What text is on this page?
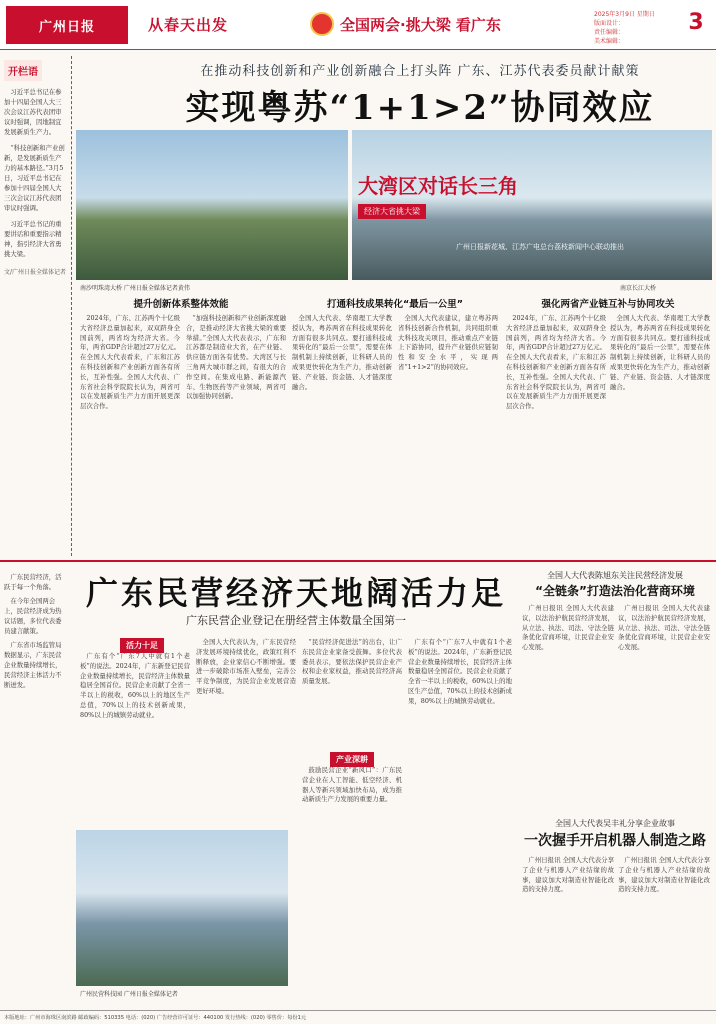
广州日报	从春天出发	全国两会·挑大梁 看广东
2025年3月9日 星期日
版面设计：
责任编辑：
美术编辑：
3
开栏语

习近平总书记在参加十四届全国人大三次会议江苏代表团审议时强调，因地制宜发展新质生产力。

“科技创新和产业创新，是发展新质生产力的基本路径。”3月5日，习近平总书记在参加十四届全国人大三次会议江苏代表团审议时强调。

习近平总书记的重要讲话和重要指示精神，指引经济大省勇挑大梁。

文/广州日报全媒体记者
在推动科技创新和产业创新融合上打头阵 广东、江苏代表委员献计献策
实现粤苏“1+1>2”协同效应
大湾区对话长三角
经济大省挑大梁
广州日报新花城、江苏广电总台荔枝新闻中心联动推出
南沙明珠湾大桥 广州日报全媒体记者黄伟	南京长江大桥
提升创新体系整体效能	打通科技成果转化“最后一公里”	强化两省产业链互补与协同攻关
2024年，广东、江苏两个十亿级大省经济总量加起来，双双跻身全国前列，两省均为经济大省。今年，两省GDP合计超过27万亿元。在全国人大代表看来，广东和江苏在科技创新和产业创新方面各有所长，互补性强。全国人大代表、广东省社会科学院院长认为，两省可以在发展新质生产力方面开展更深层次合作。
“加强科技创新和产业创新深度融合，是推动经济大省挑大梁的重要举措。”全国人大代表表示，广东和江苏都是制造业大省，在产业链、供应链方面各有优势。大湾区与长三角两大城市群之间，有很大的合作空间。在集成电路、新能源汽车、生物医药等产业领域，两省可以加强协同创新。
全国人大代表、华南理工大学教授认为，粤苏两省在科技成果转化方面有很多共同点。要打通科技成果转化的“最后一公里”，需要在体制机制上持续创新，让科研人员的成果更快转化为生产力，推动创新链、产业链、资金链、人才链深度融合。
全国人大代表建议，建立粤苏两省科技创新合作机制，共同组织重大科技攻关项目，推动重点产业链上下游协同，提升产业链供应链韧性和安全水平，实现两省“1+1>2”的协同效应。
2024年，广东、江苏两个十亿级大省经济总量加起来，双双跻身全国前列，两省均为经济大省。今年，两省GDP合计超过27万亿元。在全国人大代表看来，广东和江苏在科技创新和产业创新方面各有所长，互补性强。全国人大代表、广东省社会科学院院长认为，两省可以在发展新质生产力方面开展更深层次合作。
全国人大代表、华南理工大学教授认为，粤苏两省在科技成果转化方面有很多共同点。要打通科技成果转化的“最后一公里”，需要在体制机制上持续创新，让科研人员的成果更快转化为生产力，推动创新链、产业链、资金链、人才链深度融合。

广东民营经济，活跃于每一个角落。

在今年全国两会上，民营经济成为热议话题，多位代表委员建言献策。

广东省市场监管局数据显示，广东民营企业数量持续增长，民营经济主体活力不断迸发。

广东民营经济天地阔活力足
广东民营企业登记在册经营主体数量全国第一
活力十足
广东有个“广东7人中就有1个老板”的说法。2024年，广东新登记民营企业数量持续增长，民营经济主体数量稳居全国首位。民营企业贡献了全省一半以上的税收，60%以上的地区生产总值，70%以上的技术创新成果，80%以上的城镇劳动就业。
全国人大代表认为，广东民营经济发展环境持续优化，政策红利不断释放，企业家信心不断增强。要进一步破除市场准入壁垒，完善公平竞争制度，为民营企业发展营造更好环境。
“民营经济促进法”的出台，让广东民营企业家备受鼓舞。多位代表委员表示，要依法保护民营企业产权和企业家权益，推动民营经济高质量发展。
产业深耕
鼓励民营企业“新风口”：广东民营企业在人工智能、低空经济、机器人等新兴领域加快布局，成为推动新质生产力发展的重要力量。
广东有个“广东7人中就有1个老板”的说法。2024年，广东新登记民营企业数量持续增长，民营经济主体数量稳居全国首位。民营企业贡献了全省一半以上的税收，60%以上的地区生产总值，70%以上的技术创新成果，80%以上的城镇劳动就业。
广州民营科技园 广州日报全媒体记者
全国人大代表陈旭东关注民营经济发展
“全链条”打造法治化营商环境
广州日报讯 全国人大代表建议，以法治护航民营经济发展，从立法、执法、司法、守法全链条优化营商环境，让民营企业安心发展。
广州日报讯 全国人大代表建议，以法治护航民营经济发展，从立法、执法、司法、守法全链条优化营商环境，让民营企业安心发展。
全国人大代表吴丰礼分享企业故事
一次握手开启机器人制造之路
广州日报讯 全国人大代表分享了企业与机器人产业结缘的故事，建议加大对制造业智能化改造的支持力度。
广州日报讯 全国人大代表分享了企业与机器人产业结缘的故事，建议加大对制造业智能化改造的支持力度。
本版地址：广州市海珠区南滨路 邮政编码：510335 电话：(020) 广告经营许可证号：440100 发行热线：(020) 零售价：每份1元
